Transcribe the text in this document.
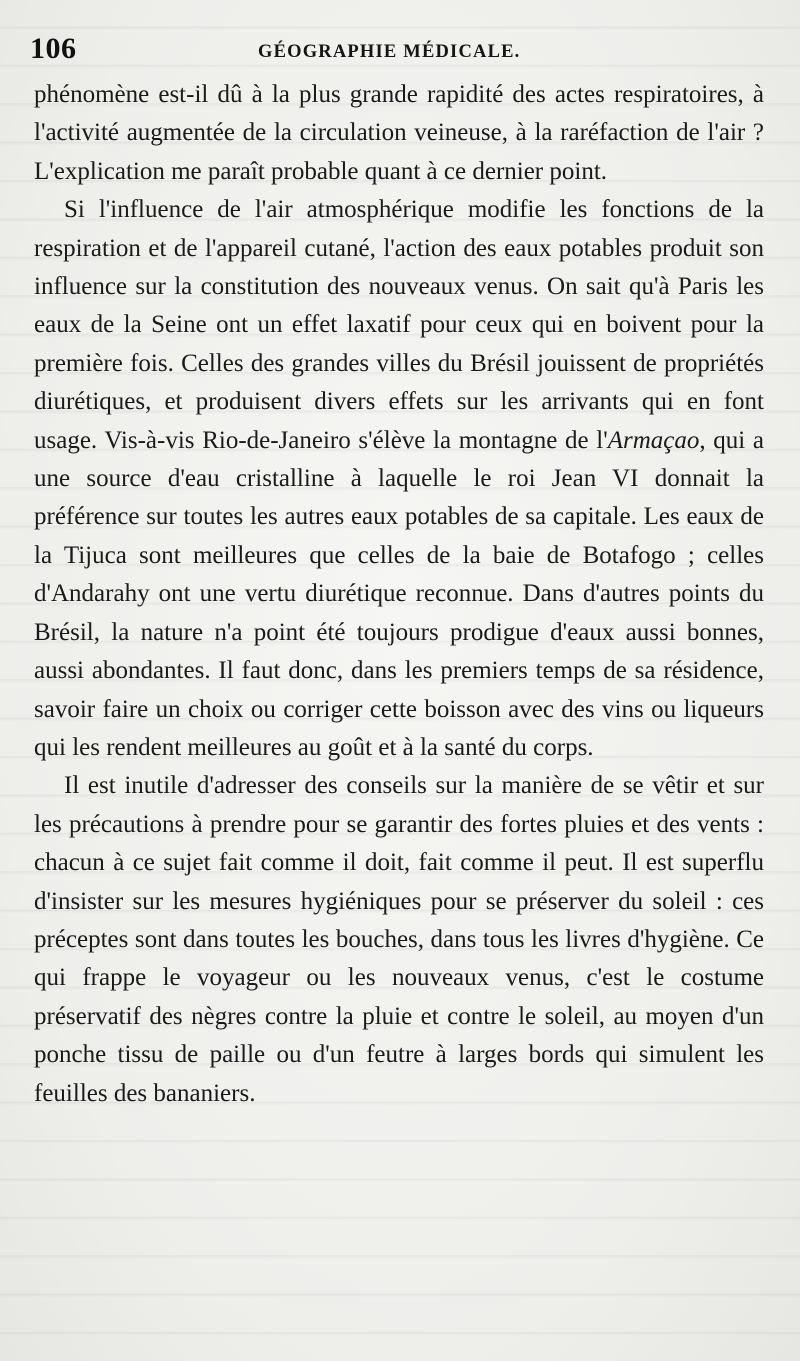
106	GÉOGRAPHIE MÉDICALE.

phénomène est-il dû à la plus grande rapidité des actes respiratoires, à l'activité augmentée de la circulation veineuse, à la raréfaction de l'air ? L'explication me paraît probable quant à ce dernier point.

Si l'influence de l'air atmosphérique modifie les fonctions de la respiration et de l'appareil cutané, l'action des eaux potables produit son influence sur la constitution des nouveaux venus. On sait qu'à Paris les eaux de la Seine ont un effet laxatif pour ceux qui en boivent pour la première fois. Celles des grandes villes du Brésil jouissent de propriétés diurétiques, et produisent divers effets sur les arrivants qui en font usage. Vis-à-vis Rio-de-Janeiro s'élève la montagne de l'Armaçao, qui a une source d'eau cristalline à laquelle le roi Jean VI donnait la préférence sur toutes les autres eaux potables de sa capitale. Les eaux de la Tijuca sont meilleures que celles de la baie de Botafogo ; celles d'Andarahy ont une vertu diurétique reconnue. Dans d'autres points du Brésil, la nature n'a point été toujours prodigue d'eaux aussi bonnes, aussi abondantes. Il faut donc, dans les premiers temps de sa résidence, savoir faire un choix ou corriger cette boisson avec des vins ou liqueurs qui les rendent meilleures au goût et à la santé du corps.

Il est inutile d'adresser des conseils sur la manière de se vêtir et sur les précautions à prendre pour se garantir des fortes pluies et des vents : chacun à ce sujet fait comme il doit, fait comme il peut. Il est superflu d'insister sur les mesures hygiéniques pour se préserver du soleil : ces préceptes sont dans toutes les bouches, dans tous les livres d'hygiène. Ce qui frappe le voyageur ou les nouveaux venus, c'est le costume préservatif des nègres contre la pluie et contre le soleil, au moyen d'un ponche tissu de paille ou d'un feutre à larges bords qui simulent les feuilles des bananiers.
